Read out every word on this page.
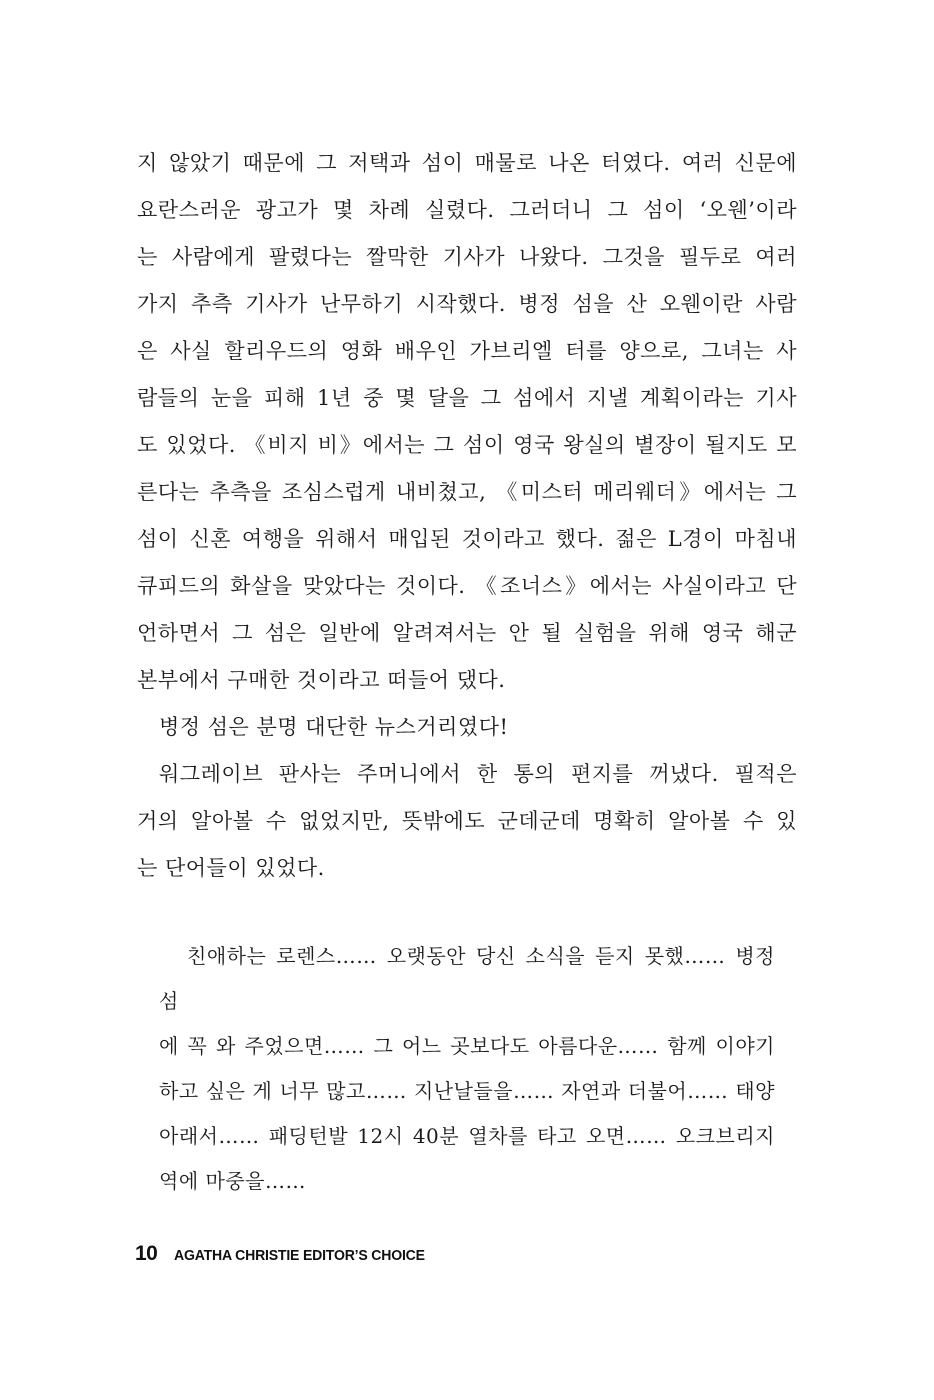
지 않았기 때문에 그 저택과 섬이 매물로 나온 터였다. 여러 신문에

요란스러운 광고가 몇 차례 실렸다. 그러더니 그 섬이 ‘오웬’이라

는 사람에게 팔렸다는 짤막한 기사가 나왔다. 그것을 필두로 여러

가지 추측 기사가 난무하기 시작했다. 병정 섬을 산 오웬이란 사람

은 사실 할리우드의 영화 배우인 가브리엘 터를 양으로, 그녀는 사

람들의 눈을 피해 1년 중 몇 달을 그 섬에서 지낼 계획이라는 기사

도 있었다. 《비지 비》에서는 그 섬이 영국 왕실의 별장이 될지도 모

른다는 추측을 조심스럽게 내비쳤고, 《미스터 메리웨더》에서는 그

섬이 신혼 여행을 위해서 매입된 것이라고 했다. 젊은 L경이 마침내

큐피드의 화살을 맞았다는 것이다. 《조너스》에서는 사실이라고 단

언하면서 그 섬은 일반에 알려져서는 안 될 실험을 위해 영국 해군

본부에서 구매한 것이라고 떠들어 댔다.

병정 섬은 분명 대단한 뉴스거리였다!

워그레이브 판사는 주머니에서 한 통의 편지를 꺼냈다. 필적은

거의 알아볼 수 없었지만, 뜻밖에도 군데군데 명확히 알아볼 수 있

는 단어들이 있었다.

친애하는 로렌스…… 오랫동안 당신 소식을 듣지 못했…… 병정 섬

에 꼭 와 주었으면…… 그 어느 곳보다도 아름다운…… 함께 이야기

하고 싶은 게 너무 많고…… 지난날들을…… 자연과 더불어…… 태양

아래서…… 패딩턴발 12시 40분 열차를 타고 오면…… 오크브리지

역에 마중을……

10 AGATHA CHRISTIE EDITOR’S CHOICE
